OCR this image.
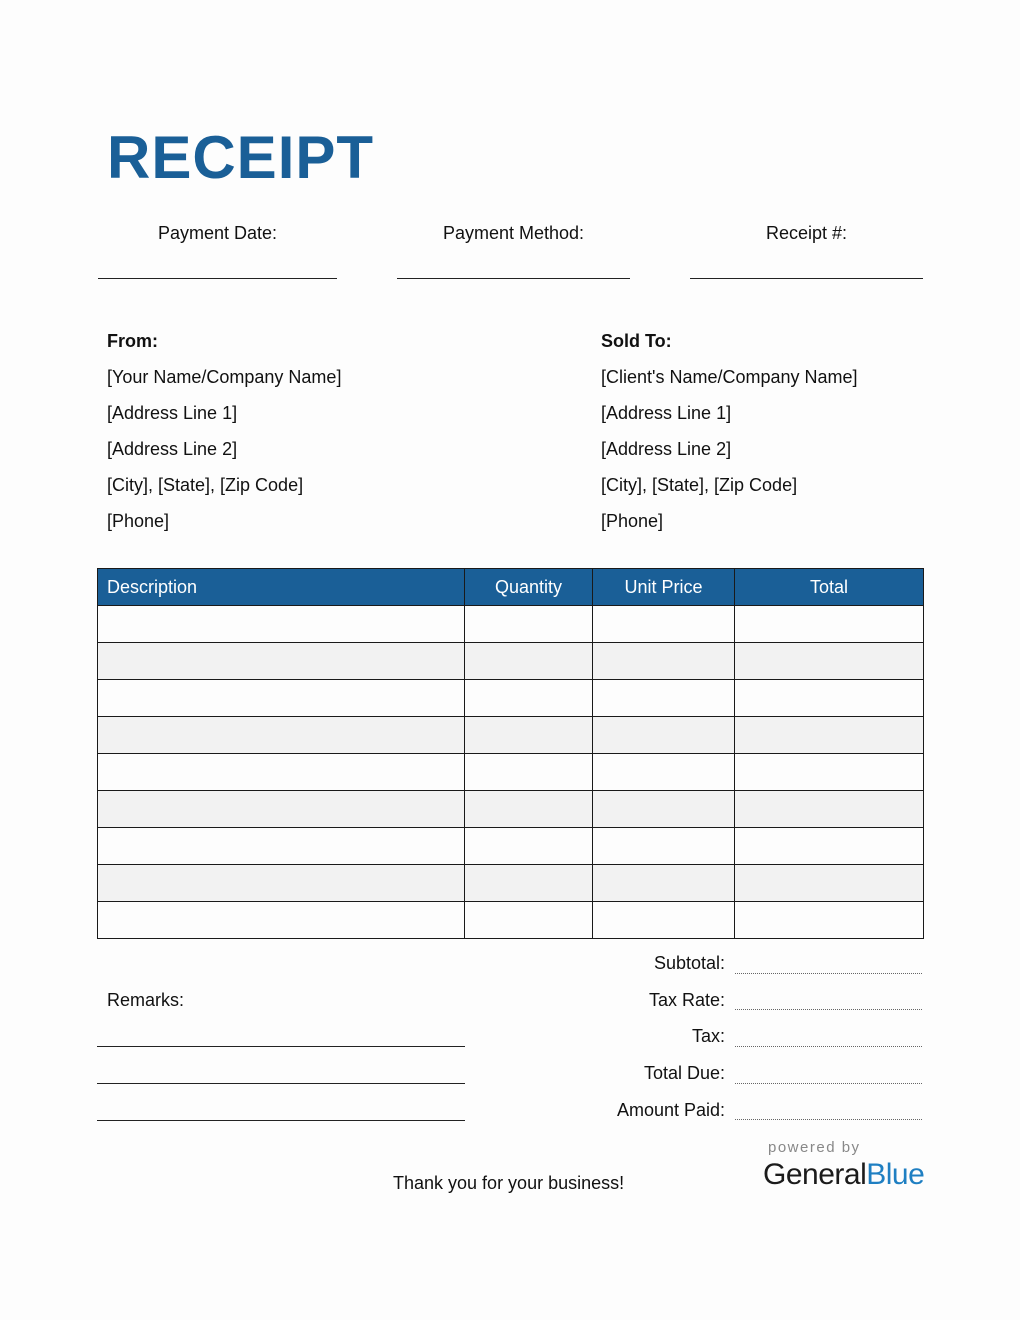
RECEIPT
Payment Date:	Payment Method:	Receipt #:
From:
[Your Name/Company Name]
[Address Line 1]
[Address Line 2]
[City], [State], [Zip Code]
[Phone]
Sold To:
[Client's Name/Company Name]
[Address Line 1]
[Address Line 2]
[City], [State], [Zip Code]
[Phone]
Description	Quantity	Unit Price	Total

Subtotal:
Tax Rate:
Tax:
Total Due:
Amount Paid:
Remarks:
Thank you for your business!
powered by
GeneralBlue
